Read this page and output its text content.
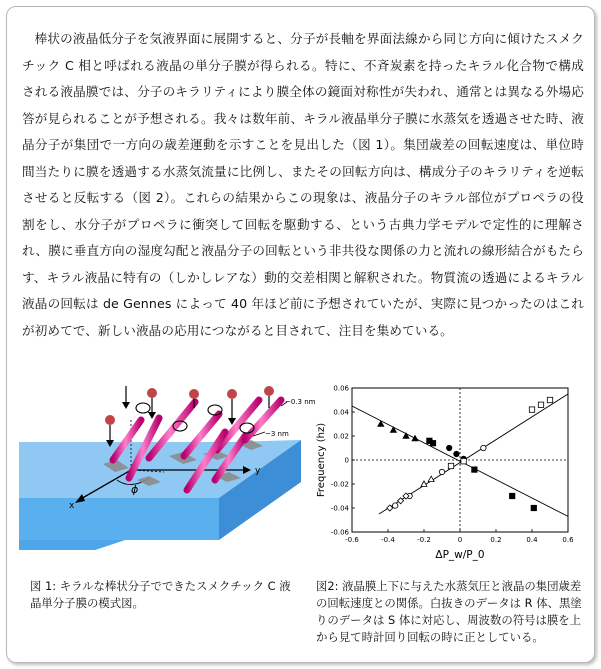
棒状の液晶低分子を気液界面に展開すると、分子が長軸を界面法線から同じ方向に傾けたスメクチック C 相と呼ばれる液晶の単分子膜が得られる。特に、不斉炭素を持ったキラル化合物で構成される液晶膜では、分子のキラリティにより膜全体の鏡面対称性が失われ、通常とは異なる外場応答が見られることが予想される。我々は数年前、キラル液晶単分子膜に水蒸気を透過させた時、液晶分子が集団で一方向の歳差運動を示すことを見出した（図 1）。集団歳差の回転速度は、単位時間当たりに膜を透過する水蒸気流量に比例し、またその回転方向は、構成分子のキラリティを逆転させると反転する（図 2）。これらの結果からこの現象は、液晶分子のキラル部位がプロペラの役割をし、水分子がプロペラに衝突して回転を駆動する、という古典力学モデルで定性的に理解され、膜に垂直方向の湿度勾配と液晶分子の回転という非共役な関係の力と流れの線形結合がもたらす、キラル液晶に特有の（しかしレアな）動的交差相関と解釈された。物質流の透過によるキラル液晶の回転は de Gennes によって 40 年ほど前に予想されていたが、実際に見つかったのはこれが初めてで、新しい液晶の応用につながると目されて、注目を集めている。
x
y
ϕ
~0.3 nm
~3 nm
-0.6	-0.4	-0.2	0	0.2	0.4	0.6
0.06
0.04
0.02
0
-0.02
-0.04
-0.06
ΔP_w/P_0
Frequency (hz)
図 1: キラルな棒状分子でできたスメクチック C 液晶単分子膜の模式図。
図2: 液晶膜上下に与えた水蒸気圧と液晶の集団歳差の回転速度との関係。白抜きのデータは R 体、黒塗りのデータは S 体に対応し、周波数の符号は膜を上から見て時計回り回転の時に正としている。
